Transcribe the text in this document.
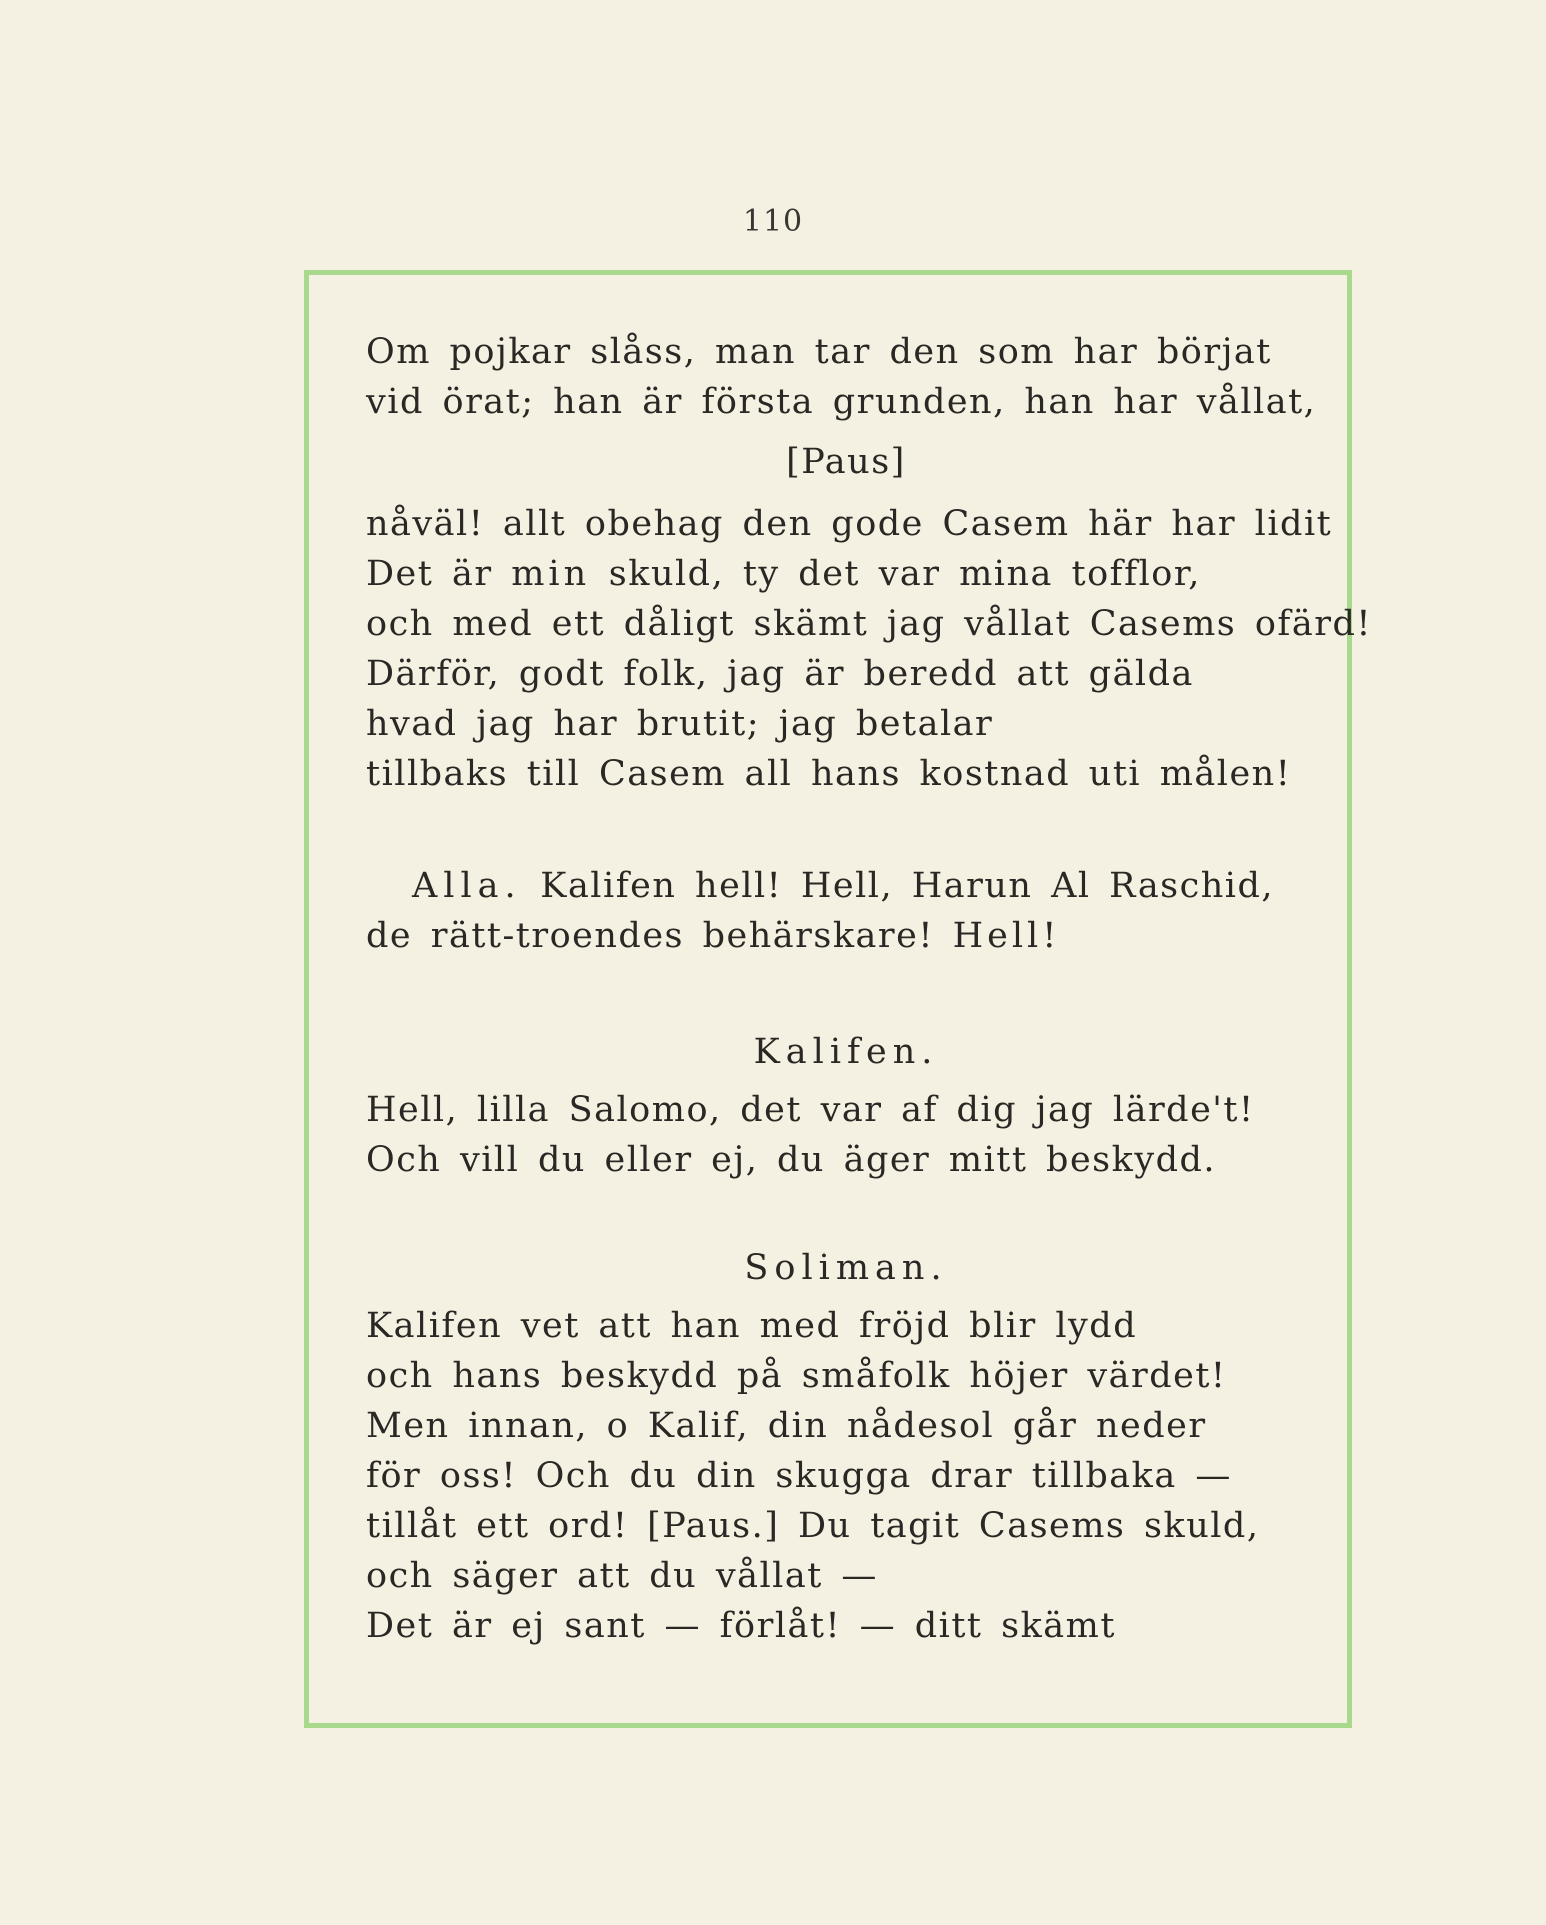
110
Om pojkar slåss, man tar den som har börjat
vid örat; han är första grunden, han har vållat,
[Paus]
nåväl! allt obehag den gode Casem här har lidit
Det är min skuld, ty det var mina tofflor,
och med ett dåligt skämt jag vållat Casems ofärd!
Därför, godt folk, jag är beredd att gälda
hvad jag har brutit; jag betalar
tillbaks till Casem all hans kostnad uti målen!
Alla. Kalifen hell! Hell, Harun Al Raschid,
de rätt-troendes behärskare! Hell!
Kalifen.
Hell, lilla Salomo, det var af dig jag lärde't!
Och vill du eller ej, du äger mitt beskydd.
Soliman.
Kalifen vet att han med fröjd blir lydd
och hans beskydd på småfolk höjer värdet!
Men innan, o Kalif, din nådesol går neder
för oss! Och du din skugga drar tillbaka —
tillåt ett ord! [Paus.] Du tagit Casems skuld,
och säger att du vållat —
Det är ej sant — förlåt! — ditt skämt
